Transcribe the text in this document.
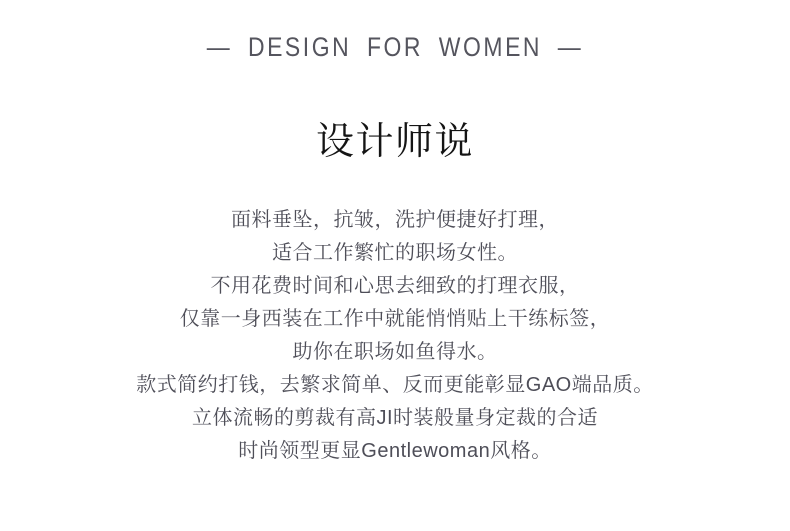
— DESIGN FOR WOMEN —
设计师说

面料垂坠，抗皱，洗护便捷好打理，

适合工作繁忙的职场女性。

不用花费时间和心思去细致的打理衣服，

仅靠一身西装在工作中就能悄悄贴上干练标签，

助你在职场如鱼得水。

款式简约打钱，去繁求简单、反而更能彰显GAO端品质。

立体流畅的剪裁有高JI时装般量身定裁的合适

时尚领型更显Gentlewoman风格。
